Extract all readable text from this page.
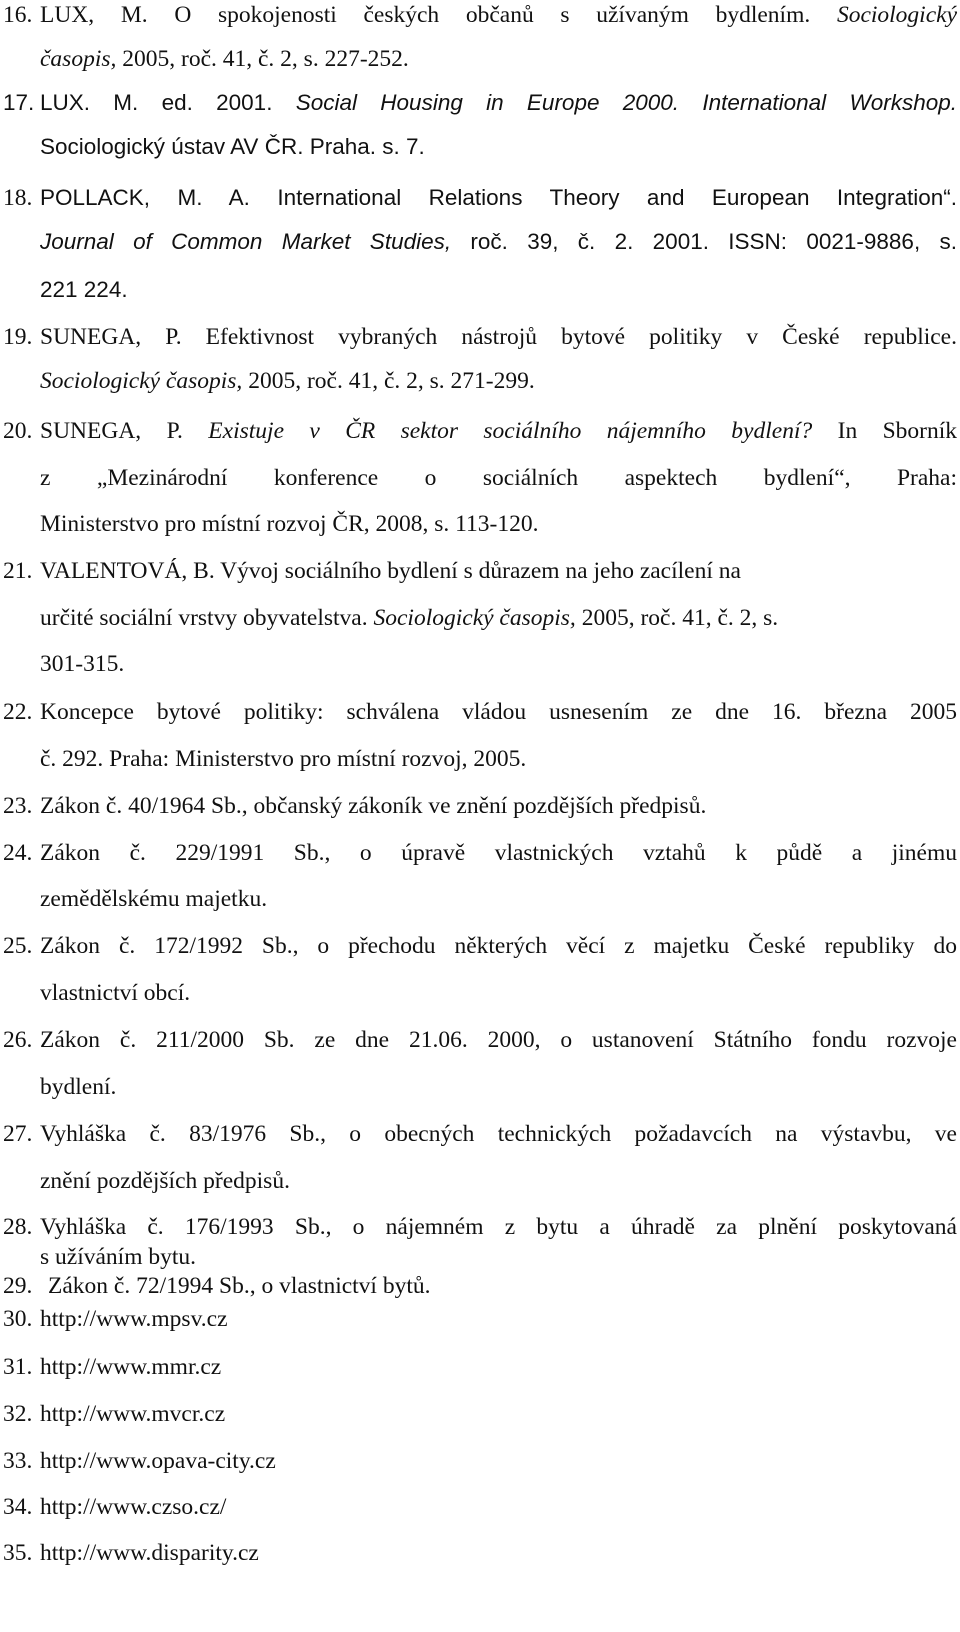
16. LUX, M. O spokojenosti českých občanů s užívaným bydlením. Sociologický
časopis, 2005, roč. 41, č. 2, s. 227-252.
17. LUX. M. ed. 2001. Social Housing in Europe 2000. International Workshop.
Sociologický ústav AV ČR. Praha. s. 7.
18. POLLACK, M. A. International Relations Theory and European Integration“.
Journal of Common Market Studies, roč. 39, č. 2. 2001. ISSN: 0021-9886, s.
221 224.
19. SUNEGA, P. Efektivnost vybraných nástrojů bytové politiky v České republice.
Sociologický časopis, 2005, roč. 41, č. 2, s. 271-299.
20. SUNEGA, P. Existuje v ČR sektor sociálního nájemního bydlení? In Sborník
z „Mezinárodní konference o sociálních aspektech bydlení“, Praha:
Ministerstvo pro místní rozvoj ČR, 2008, s. 113-120.
21. VALENTOVÁ, B. Vývoj sociálního bydlení s důrazem na jeho zacílení na
určité sociální vrstvy obyvatelstva. Sociologický časopis, 2005, roč. 41, č. 2, s.
301-315.
22. Koncepce bytové politiky: schválena vládou usnesením ze dne 16. března 2005
č. 292. Praha: Ministerstvo pro místní rozvoj, 2005.
23. Zákon č. 40/1964 Sb., občanský zákoník ve znění pozdějších předpisů.
24. Zákon č. 229/1991 Sb., o úpravě vlastnických vztahů k půdě a jinému
zemědělskému majetku.
25. Zákon č. 172/1992 Sb., o přechodu některých věcí z majetku České republiky do
vlastnictví obcí.
26. Zákon č. 211/2000 Sb. ze dne 21.06. 2000, o ustanovení Státního fondu rozvoje
bydlení.
27. Vyhláška č. 83/1976 Sb., o obecných technických požadavcích na výstavbu, ve
znění pozdějších předpisů.
28. Vyhláška č. 176/1993 Sb., o nájemném z bytu a úhradě za plnění poskytovaná
s užíváním bytu.
29. Zákon č. 72/1994 Sb., o vlastnictví bytů.
30. http://www.mpsv.cz
31. http://www.mmr.cz
32. http://www.mvcr.cz
33. http://www.opava-city.cz
34. http://www.czso.cz/
35. http://www.disparity.cz
